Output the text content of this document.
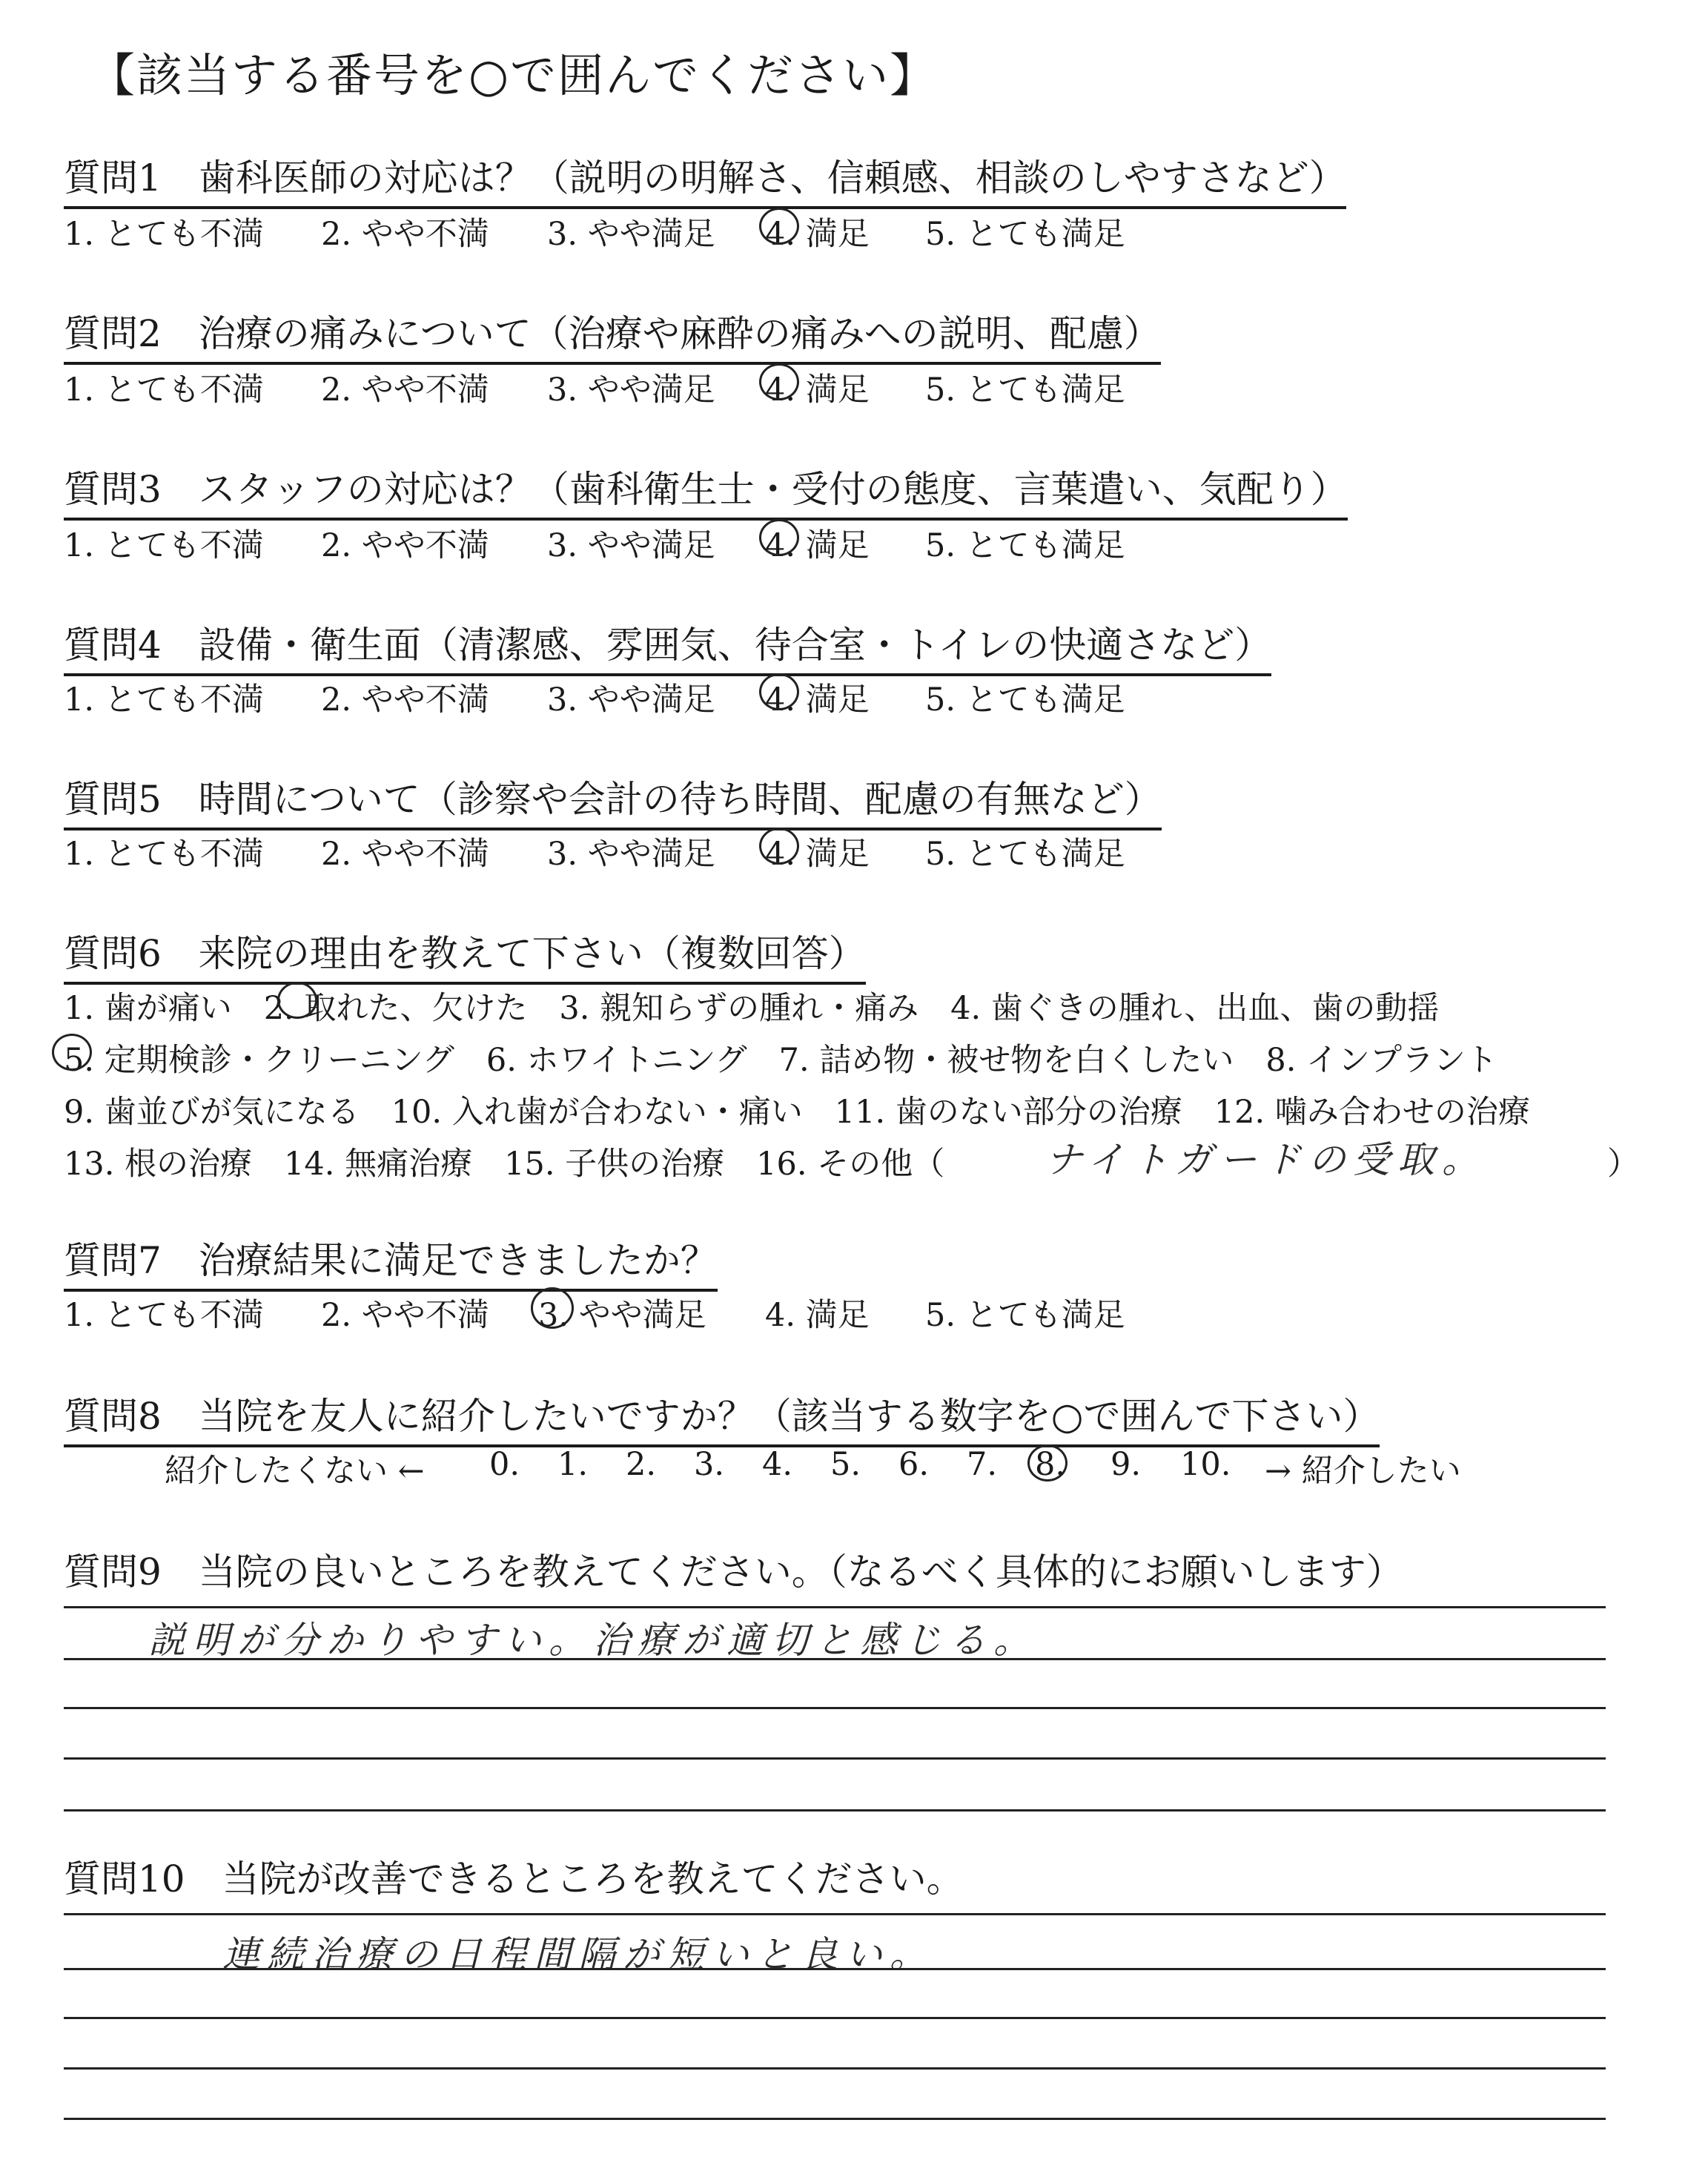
【該当する番号を○で囲んでください】
質問1　歯科医師の対応は？（説明の明解さ、信頼感、相談のしやすさなど）
1. とても不満 2. やや不満 3. やや満足 4. 満足 5. とても満足
質問2　治療の痛みについて（治療や麻酔の痛みへの説明、配慮）
1. とても不満 2. やや不満 3. やや満足 4. 満足 5. とても満足
質問3　スタッフの対応は？（歯科衛生士・受付の態度、言葉遣い、気配り）
1. とても不満 2. やや不満 3. やや満足 4. 満足 5. とても満足
質問4　設備・衛生面（清潔感、雰囲気、待合室・トイレの快適さなど）
1. とても不満 2. やや不満 3. やや満足 4. 満足 5. とても満足
質問5　時間について（診察や会計の待ち時間、配慮の有無など）
1. とても不満 2. やや不満 3. やや満足 4. 満足 5. とても満足
質問6　来院の理由を教えて下さい（複数回答）
1. 歯が痛い　2. 取れた、欠けた　3. 親知らずの腫れ・痛み　4. 歯ぐきの腫れ、出血、歯の動揺
5. 定期検診・クリーニング　6. ホワイトニング　7. 詰め物・被せ物を白くしたい　8. インプラント
9. 歯並びが気になる　10. 入れ歯が合わない・痛い　11. 歯のない部分の治療　12. 噛み合わせの治療
13. 根の治療　14. 無痛治療　15. 子供の治療　16. その他（	ナイトガードの受取。	）
質問7　治療結果に満足できましたか？
1. とても不満 2. やや不満 3. やや満足 4. 満足 5. とても満足
質問8　当院を友人に紹介したいですか？（該当する数字を○で囲んで下さい）
紹介したくない ← 0. 1. 2. 3. 4. 5. 6. 7. 8. 9. 10. → 紹介したい
質問9　当院の良いところを教えてください。（なるべく具体的にお願いします）
説明が分かりやすい。治療が適切と感じる。
質問10　当院が改善できるところを教えてください。
連続治療の日程間隔が短いと良い。
